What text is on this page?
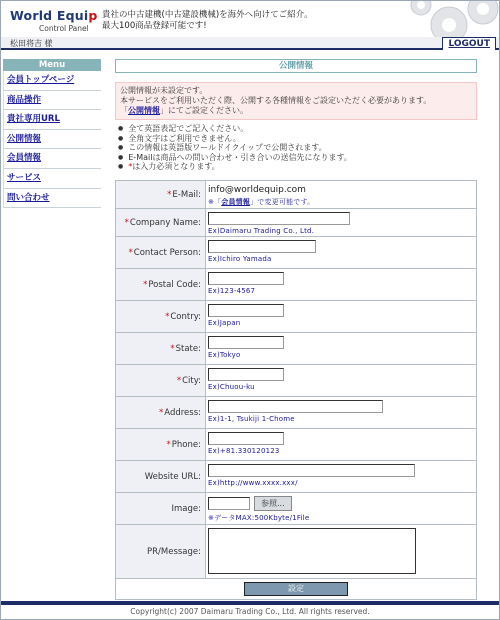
World Equip
Control Panel
貴社の中古建機(中古建設機械)を海外へ向けてご紹介。
最大100商品登録可能です!
松田将吉 様	LOGOUT
Menu
会員トップページ
商品操作
貴社専用URL
公開情報
会員情報
サービス
問い合わせ
公開情報
公開情報が未設定です。
本サービスをご利用いただく際、公開する各種情報をご設定いただく必要があります。
「公開情報」にてご設定ください。
● 全て英語表記でご記入ください。
● 全角文字はご利用できません。
● この情報は英語版ワールドイクイップで公開されます。
● E-Mailは商品への問い合わせ・引き合いの送信先になります。
● *は入力必須となります。
* E-Mail: info@worldequip.com
※「会員情報」で変更可能です。
* Company Name:
Ex)Daimaru Trading Co., Ltd.
* Contact Person:
Ex)Ichiro Yamada
* Postal Code:
Ex)123-4567
* Contry:
Ex)Japan
* State:
Ex)Tokyo
* City:
Ex)Chuou-ku
* Address:
Ex)1-1, Tsukiji 1-Chome
* Phone:
Ex)+81.330120123
Website URL:
Ex)http://www.xxxx.xxx/
Image:	参照...
※データMAX:500Kbyte/1File
PR/Message:
設定
Copyright(c) 2007 Daimaru Trading Co., Ltd. All rights reserved.
